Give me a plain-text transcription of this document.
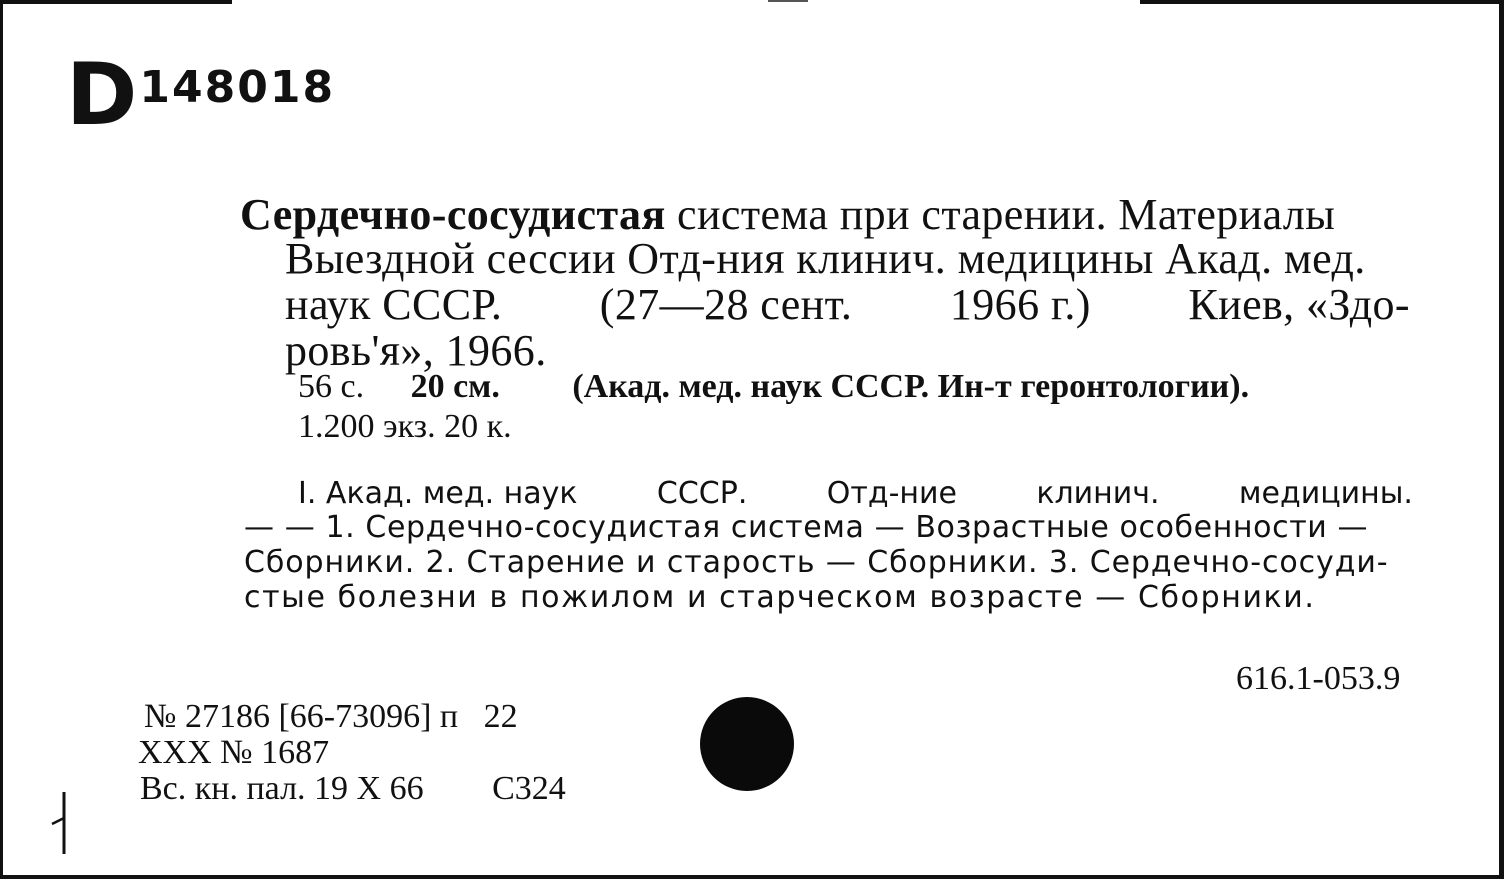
D148018
Сердечно-сосудистая система при старении. Материалы
Выездной сессии Отд-ния клинич. медицины Акад. мед.
наук СССР. (27—28 сент. 1966 г.) Киев, «Здо-
ровь'я», 1966.
56 с. 20 см. (Акад. мед. наук СССР. Ин-т геронтологии).
1.200 экз. 20 к.
I. Акад. мед. наук	СССР.	Отд-ние	клинич.	медицины.
— — 1. Сердечно-сосудистая система — Возрастные особенности —
Сборники. 2. Старение и старость — Сборники. 3. Сердечно-сосуди-
стые болезни в пожилом и старческом возрасте — Сборники.
616.1-053.9
№ 27186 [66-73096] п   22
XXX № 1687
Вс. кн. пал. 19 X 66 С324
